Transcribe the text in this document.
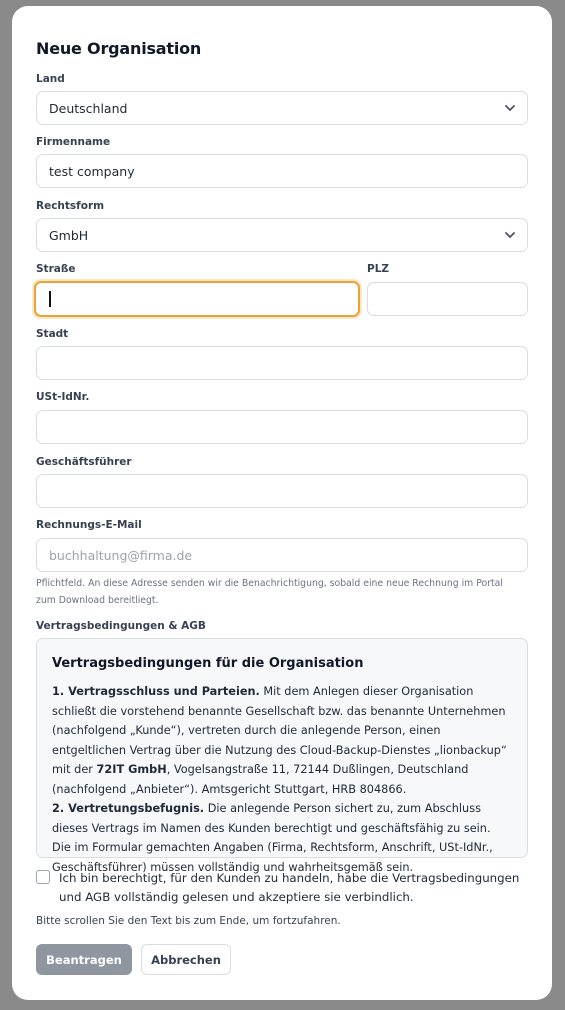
Neue Organisation
Land
Deutschland
Firmenname
test company
Rechtsform
GmbH
Straße	PLZ
Stadt
USt-IdNr.
Geschäftsführer
Rechnungs-E-Mail
buchhaltung@firma.de
Pflichtfeld. An diese Adresse senden wir die Benachrichtigung, sobald eine neue Rechnung im Portal
zum Download bereitliegt.
Vertragsbedingungen & AGB
Vertragsbedingungen für die Organisation
1. Vertragsschluss und Parteien. Mit dem Anlegen dieser Organisation schließt die vorstehend benannte Gesellschaft bzw. das benannte Unternehmen (nachfolgend „Kunde“), vertreten durch die anlegende Person, einen entgeltlichen Vertrag über die Nutzung des Cloud-Backup-Dienstes „lionbackup“ mit der 72IT GmbH, Vogelsangstraße 11, 72144 Dußlingen, Deutschland (nachfolgend „Anbieter“). Amtsgericht Stuttgart, HRB 804866.
2. Vertretungsbefugnis. Die anlegende Person sichert zu, zum Abschluss dieses Vertrags im Namen des Kunden berechtigt und geschäftsfähig zu sein. Die im Formular gemachten Angaben (Firma, Rechtsform, Anschrift, USt-IdNr., Geschäftsführer) müssen vollständig und wahrheitsgemäß sein.
Ich bin berechtigt, für den Kunden zu handeln, habe die Vertragsbedingungen und AGB vollständig gelesen und akzeptiere sie verbindlich.
Bitte scrollen Sie den Text bis zum Ende, um fortzufahren.
Beantragen	Abbrechen
